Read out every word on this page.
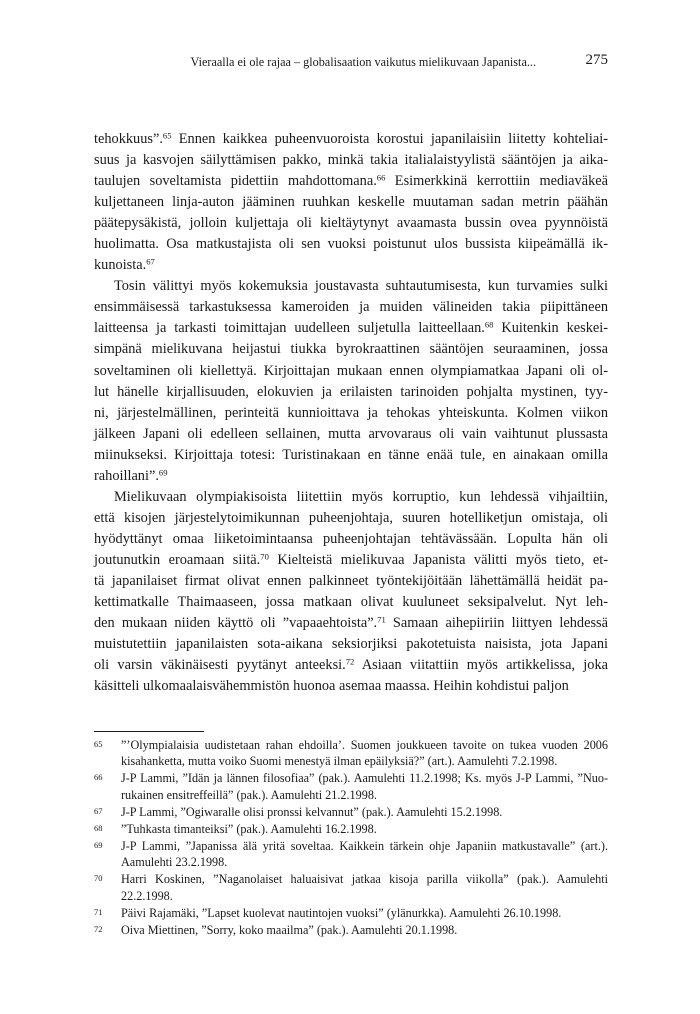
Vieraalla ei ole rajaa – globalisaation vaikutus mielikuvaan Japanista...	275
tehokkuus”.$^{65}$ Ennen kaikkea puheenvuoroista korostui japanilaisiin liitetty kohteliai-
suus ja kasvojen säilyttämisen pakko, minkä takia italialaistyylistä sääntöjen ja aika-
taulujen soveltamista pidettiin mahdottomana.$^{66}$ Esimerkkinä kerrottiin mediaväkeä
kuljettaneen linja-auton jääminen ruuhkan keskelle muutaman sadan metrin päähän
päätepysäkistä, jolloin kuljettaja oli kieltäytynyt avaamasta bussin ovea pyynnöistä
huolimatta. Osa matkustajista oli sen vuoksi poistunut ulos bussista kiipeämällä ik-
kunoista.$^{67}$
Tosin välittyi myös kokemuksia joustavasta suhtautumisesta, kun turvamies sulki
ensimmäisessä tarkastuksessa kameroiden ja muiden välineiden takia piipittäneen
laitteensa ja tarkasti toimittajan uudelleen suljetulla laitteellaan.$^{68}$ Kuitenkin keskei-
simpänä mielikuvana heijastui tiukka byrokraattinen sääntöjen seuraaminen, jossa
soveltaminen oli kiellettyä. Kirjoittajan mukaan ennen olympiamatkaa Japani oli ol-
lut hänelle kirjallisuuden, elokuvien ja erilaisten tarinoiden pohjalta mystinen, tyy-
ni, järjestelmällinen, perinteitä kunnioittava ja tehokas yhteiskunta. Kolmen viikon
jälkeen Japani oli edelleen sellainen, mutta arvovaraus oli vain vaihtunut plussasta
miinukseksi. Kirjoittaja totesi: Turistinakaan en tänne enää tule, en ainakaan omilla
rahoillani”.$^{69}$
Mielikuvaan olympiakisoista liitettiin myös korruptio, kun lehdessä vihjailtiin,
että kisojen järjestelytoimikunnan puheenjohtaja, suuren hotelliketjun omistaja, oli
hyödyttänyt omaa liiketoimintaansa puheenjohtajan tehtävässään. Lopulta hän oli
joutunutkin eroamaan siitä.$^{70}$ Kielteistä mielikuvaa Japanista välitti myös tieto, et-
tä japanilaiset firmat olivat ennen palkinneet työntekijöitään lähettämällä heidät pa-
kettimatkalle Thaimaaseen, jossa matkaan olivat kuuluneet seksipalvelut. Nyt leh-
den mukaan niiden käyttö oli ”vapaaehtoista”.$^{71}$ Samaan aihepiiriin liittyen lehdessä
muistutettiin japanilaisten sota-aikana seksiorjiksi pakotetuista naisista, jota Japani
oli varsin väkinäisesti pyytänyt anteeksi.$^{72}$ Asiaan viitattiin myös artikkelissa, joka
käsitteli ulkomaalaisvähemmistön huonoa asemaa maassa. Heihin kohdistui paljon
65 ”’Olympialaisia uudistetaan rahan ehdoilla’. Suomen joukkueen tavoite on tukea vuoden 2006
kisahanketta, mutta voiko Suomi menestyä ilman epäilyksiä?” (art.). Aamulehti 7.2.1998.
66 J-P Lammi, ”Idän ja lännen filosofiaa” (pak.). Aamulehti 11.2.1998; Ks. myös J-P Lammi, ”Nuo-
rukainen ensitreffeillä” (pak.). Aamulehti 21.2.1998.
67 J-P Lammi, ”Ogiwaralle olisi pronssi kelvannut” (pak.). Aamulehti 15.2.1998.
68 ”Tuhkasta timanteiksi” (pak.). Aamulehti 16.2.1998.
69 J-P Lammi, ”Japanissa älä yritä soveltaa. Kaikkein tärkein ohje Japaniin matkustavalle” (art.).
Aamulehti 23.2.1998.
70 Harri Koskinen, ”Naganolaiset haluaisivat jatkaa kisoja parilla viikolla” (pak.). Aamulehti
22.2.1998.
71 Päivi Rajamäki, ”Lapset kuolevat nautintojen vuoksi” (ylänurkka). Aamulehti 26.10.1998.
72 Oiva Miettinen, ”Sorry, koko maailma” (pak.). Aamulehti 20.1.1998.
